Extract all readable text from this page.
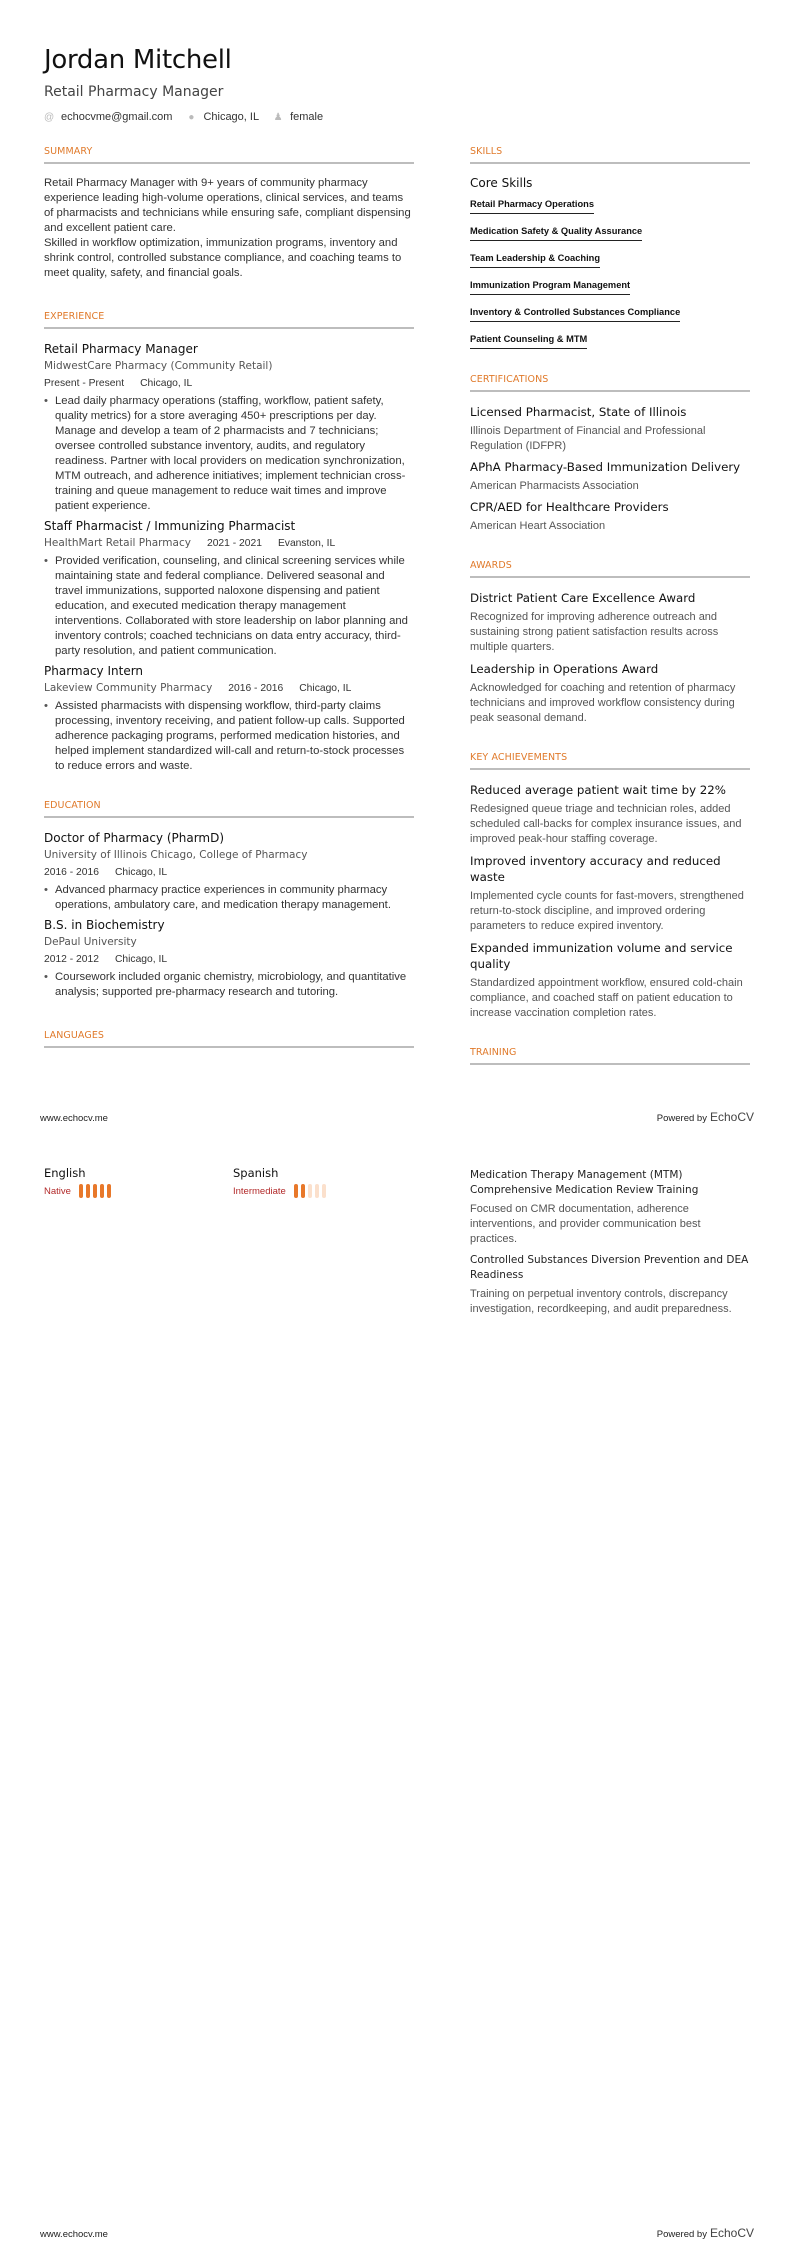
Jordan Mitchell
Retail Pharmacy Manager
@ echocvme@gmail.com ● Chicago, IL ♟ female
SUMMARY

Retail Pharmacy Manager with 9+ years of community pharmacy experience leading high-volume operations, clinical services, and teams of pharmacists and technicians while ensuring safe, compliant dispensing and excellent patient care.

Skilled in workflow optimization, immunization programs, inventory and shrink control, controlled substance compliance, and coaching teams to meet quality, safety, and financial goals.

EXPERIENCE
Retail Pharmacy Manager
MidwestCare Pharmacy (Community Retail)
Present - Present Chicago, IL
• Lead daily pharmacy operations (staffing, workflow, patient safety, quality metrics) for a store averaging 450+ prescriptions per day. Manage and develop a team of 2 pharmacists and 7 technicians; oversee controlled substance inventory, audits, and regulatory readiness. Partner with local providers on medication synchronization, MTM outreach, and adherence initiatives; implement technician cross-training and queue management to reduce wait times and improve patient experience.
Staff Pharmacist / Immunizing Pharmacist
HealthMart Retail Pharmacy 2021 - 2021 Evanston, IL
• Provided verification, counseling, and clinical screening services while maintaining state and federal compliance. Delivered seasonal and travel immunizations, supported naloxone dispensing and patient education, and executed medication therapy management interventions. Collaborated with store leadership on labor planning and inventory controls; coached technicians on data entry accuracy, third-party resolution, and patient communication.
Pharmacy Intern
Lakeview Community Pharmacy 2016 - 2016 Chicago, IL
• Assisted pharmacists with dispensing workflow, third-party claims processing, inventory receiving, and patient follow-up calls. Supported adherence packaging programs, performed medication histories, and helped implement standardized will-call and return-to-stock processes to reduce errors and waste.
EDUCATION
Doctor of Pharmacy (PharmD)
University of Illinois Chicago, College of Pharmacy
2016 - 2016 Chicago, IL
• Advanced pharmacy practice experiences in community pharmacy operations, ambulatory care, and medication therapy management.
B.S. in Biochemistry
DePaul University
2012 - 2012 Chicago, IL
• Coursework included organic chemistry, microbiology, and quantitative analysis; supported pre-pharmacy research and tutoring.
LANGUAGES
SKILLS
Core Skills
Retail Pharmacy Operations
Medication Safety & Quality Assurance
Team Leadership & Coaching
Immunization Program Management
Inventory & Controlled Substances Compliance
Patient Counseling & MTM
CERTIFICATIONS
Licensed Pharmacist, State of Illinois
Illinois Department of Financial and Professional Regulation (IDFPR)
APhA Pharmacy-Based Immunization Delivery
American Pharmacists Association
CPR/AED for Healthcare Providers
American Heart Association
AWARDS
District Patient Care Excellence Award
Recognized for improving adherence outreach and sustaining strong patient satisfaction results across multiple quarters.
Leadership in Operations Award
Acknowledged for coaching and retention of pharmacy technicians and improved workflow consistency during peak seasonal demand.
KEY ACHIEVEMENTS
Reduced average patient wait time by 22%
Redesigned queue triage and technician roles, added scheduled call-backs for complex insurance issues, and improved peak-hour staffing coverage.
Improved inventory accuracy and reduced waste
Implemented cycle counts for fast-movers, strengthened return-to-stock discipline, and improved ordering parameters to reduce expired inventory.
Expanded immunization volume and service quality
Standardized appointment workflow, ensured cold-chain compliance, and coached staff on patient education to increase vaccination completion rates.
TRAINING
www.echocv.me	Powered by EchoCV
English
Native
Spanish
Intermediate
Medication Therapy Management (MTM) Comprehensive Medication Review Training
Focused on CMR documentation, adherence interventions, and provider communication best practices.
Controlled Substances Diversion Prevention and DEA Readiness
Training on perpetual inventory controls, discrepancy investigation, recordkeeping, and audit preparedness.
www.echocv.me	Powered by EchoCV
